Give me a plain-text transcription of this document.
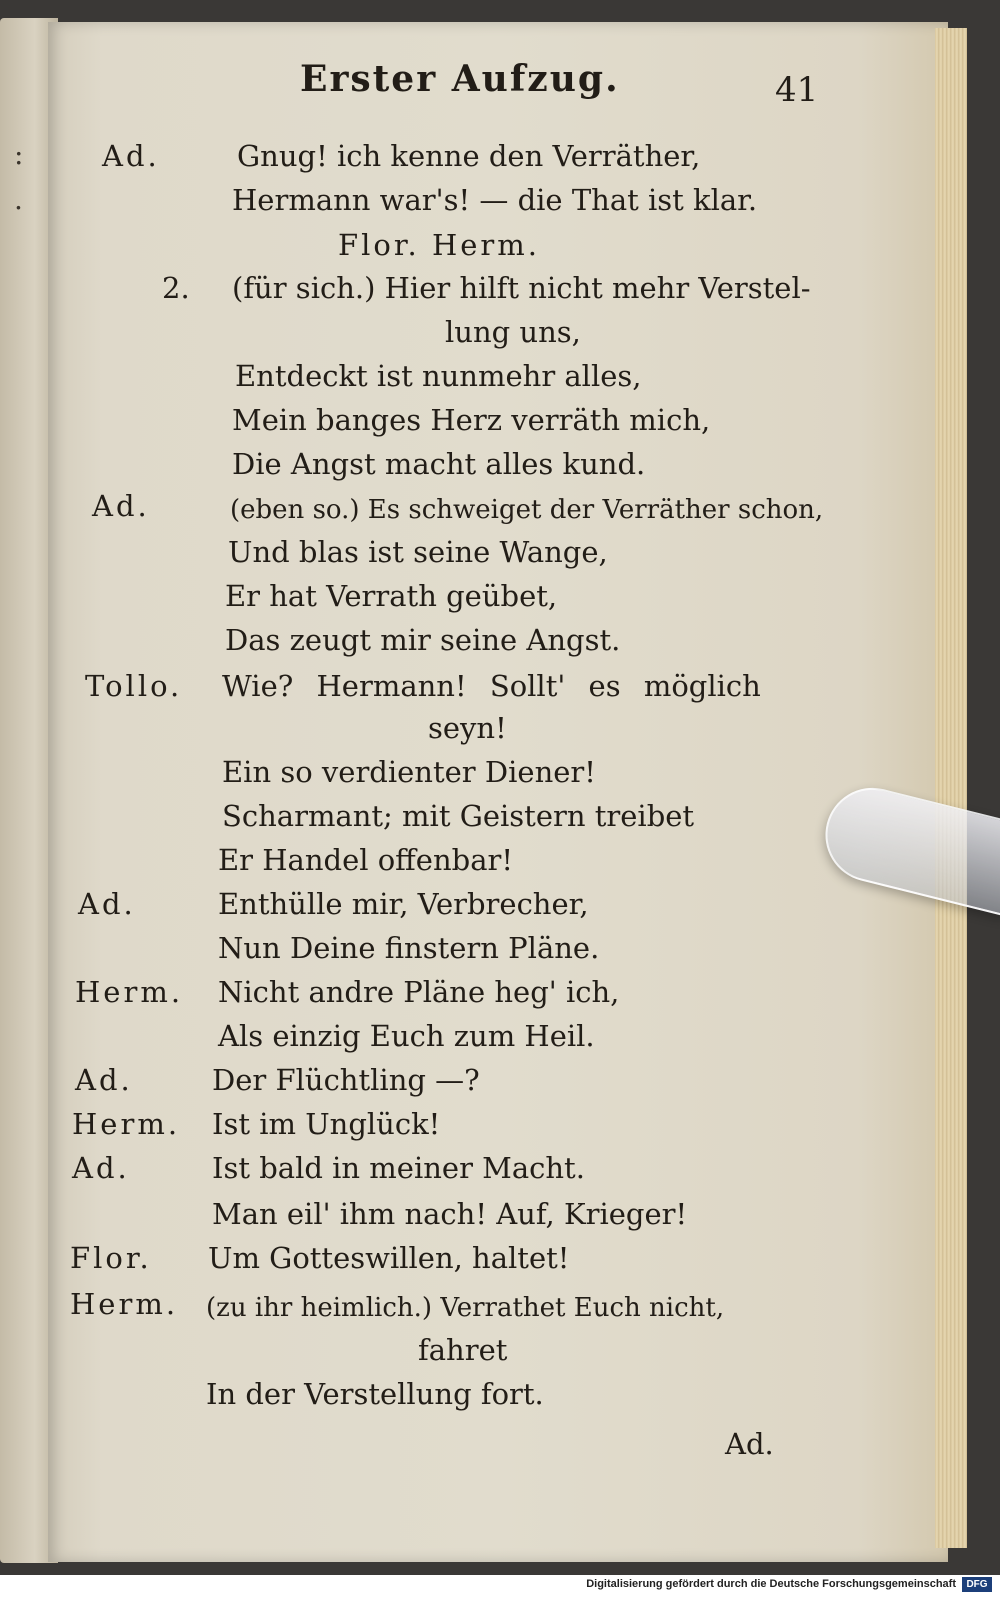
:
.
Erster Aufzug.	41
Ad.	Gnug! ich kenne den Verräther,
Hermann war's! — die That ist klar.
Flor. Herm.
2. (für sich.) Hier hilft nicht mehr Verstel-
lung uns,
Entdeckt ist nunmehr alles,
Mein banges Herz verräth mich,
Die Angst macht alles kund.
Ad.	(eben so.) Es schweiget der Verräther schon,
Und blas ist seine Wange,
Er hat Verrath geübet,
Das zeugt mir seine Angst.
Tollo. Wie? Hermann! Sollt' es möglich
seyn!
Ein so verdienter Diener!
Scharmant; mit Geistern treibet
Er Handel offenbar!
Ad.	Enthülle mir, Verbrecher,
Nun Deine finstern Pläne.
Herm. Nicht andre Pläne heg' ich,
Als einzig Euch zum Heil.
Ad.	Der Flüchtling —?
Herm. Ist im Unglück!
Ad.	Ist bald in meiner Macht.
Man eil' ihm nach! Auf, Krieger!
Flor. Um Gotteswillen, haltet!
Herm. (zu ihr heimlich.) Verrathet Euch nicht,
fahret
In der Verstellung fort.
Ad.
Digitalisierung gefördert durch die Deutsche Forschungsgemeinschaft	DFG
